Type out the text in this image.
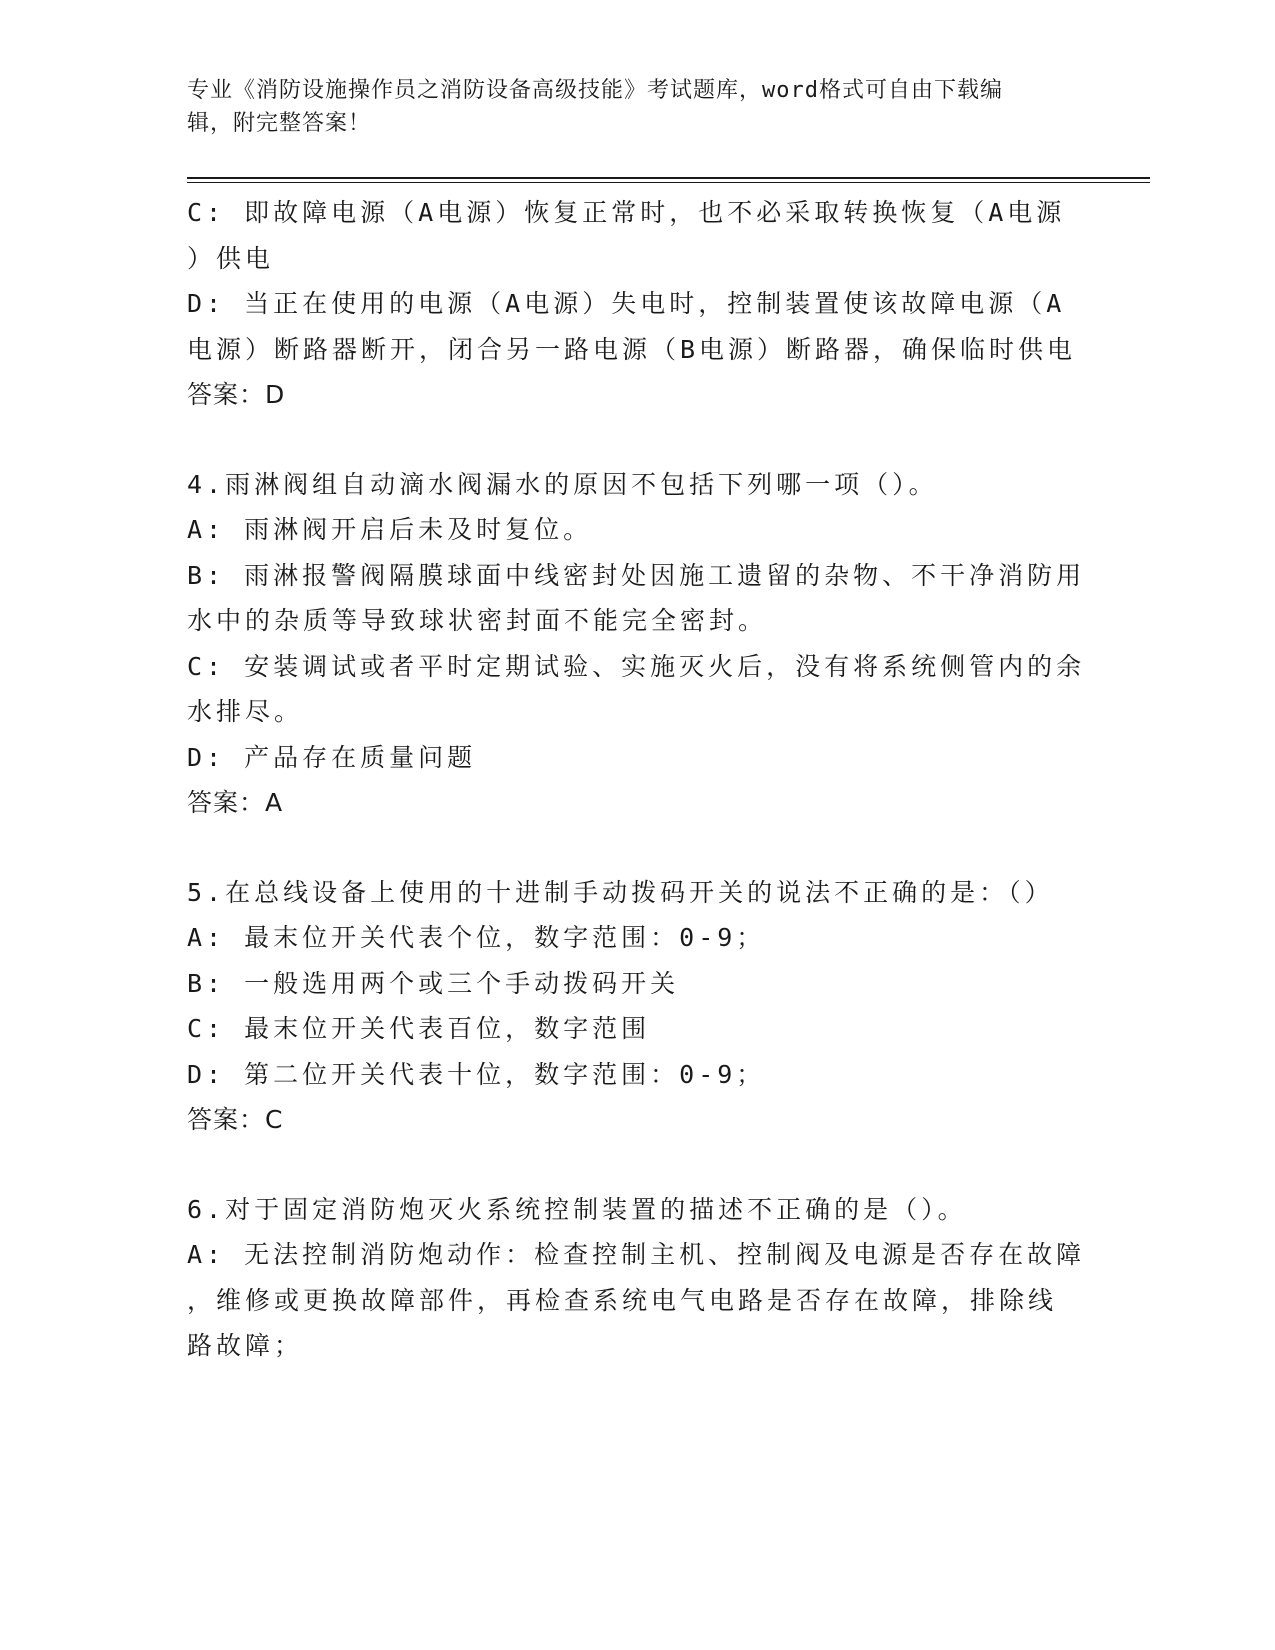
专业《消防设施操作员之消防设备高级技能》考试题库，word格式可自由下载编
辑，附完整答案！
C: 即故障电源（A电源）恢复正常时，也不必采取转换恢复（A电源
）供电
D: 当正在使用的电源（A电源）失电时，控制装置使该故障电源（A
电源）断路器断开，闭合另一路电源（B电源）断路器，确保临时供电
答案：D
4.雨淋阀组自动滴水阀漏水的原因不包括下列哪一项（）。
A: 雨淋阀开启后未及时复位。
B: 雨淋报警阀隔膜球面中线密封处因施工遗留的杂物、不干净消防用
水中的杂质等导致球状密封面不能完全密封。
C: 安装调试或者平时定期试验、实施灭火后，没有将系统侧管内的余
水排尽。
D: 产品存在质量问题
答案：A
5.在总线设备上使用的十进制手动拨码开关的说法不正确的是：（）
A: 最末位开关代表个位，数字范围：0-9；
B: 一般选用两个或三个手动拨码开关
C: 最末位开关代表百位，数字范围
D: 第二位开关代表十位，数字范围：0-9；
答案：C
6.对于固定消防炮灭火系统控制装置的描述不正确的是（）。
A: 无法控制消防炮动作：检查控制主机、控制阀及电源是否存在故障
，维修或更换故障部件，再检查系统电气电路是否存在故障，排除线
路故障；
